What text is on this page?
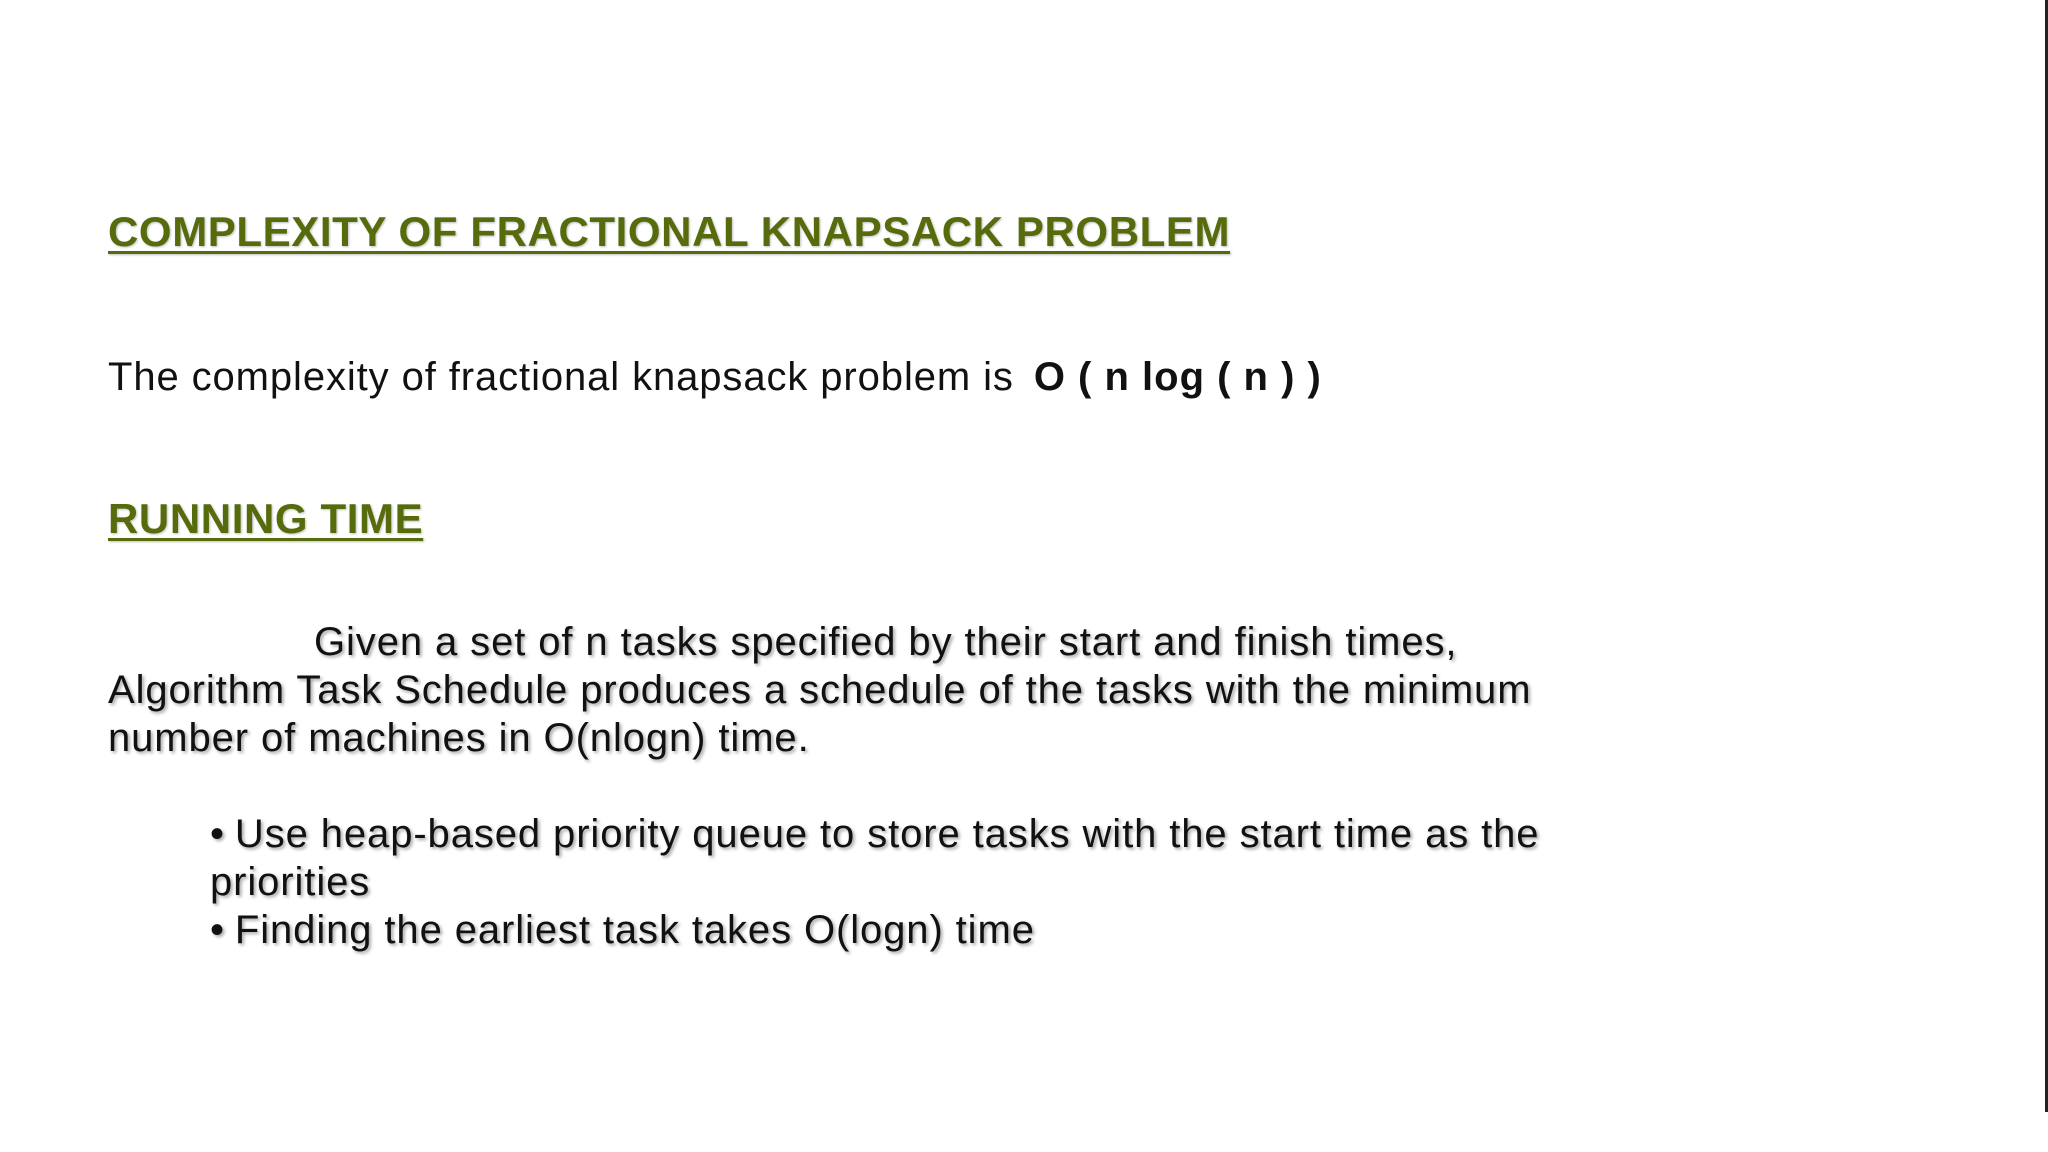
COMPLEXITY OF FRACTIONAL KNAPSACK PROBLEM
The complexity of fractional knapsack problem is O ( n log ( n ) )
RUNNING TIME
Given a set of n tasks specified by their start and finish times,
Algorithm Task Schedule produces a schedule of the tasks with the minimum
number of machines in O(nlogn) time.
• Use heap-based priority queue to store tasks with the start time as the
priorities
• Finding the earliest task takes O(logn) time
